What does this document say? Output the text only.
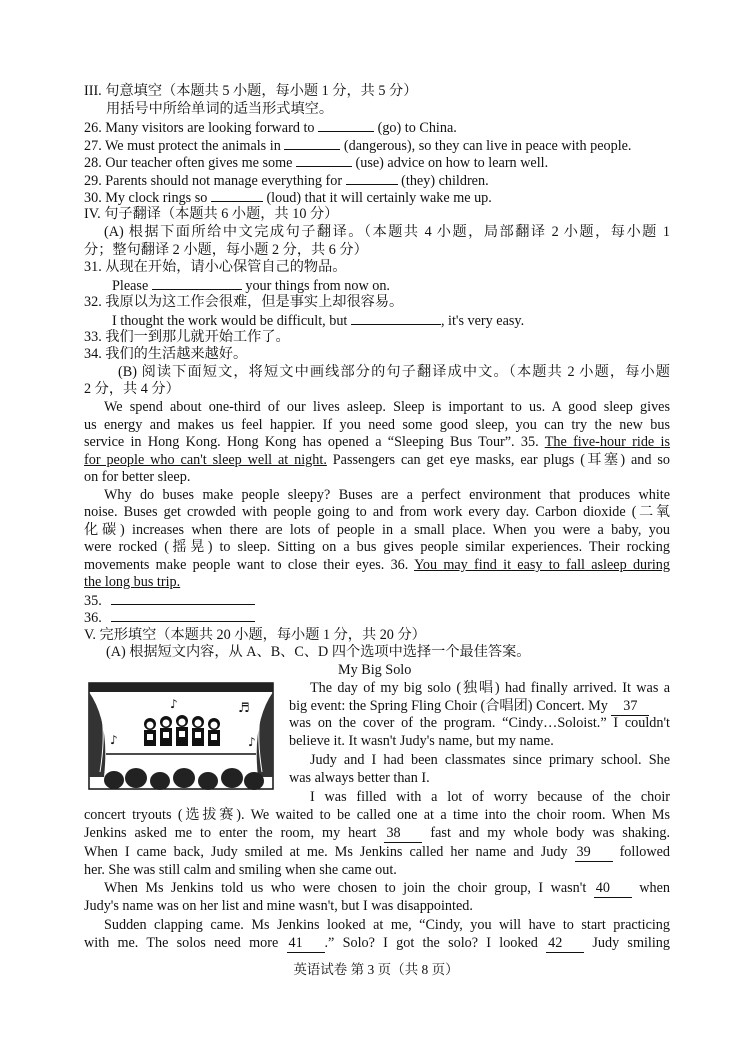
III. 句意填空（本题共 5 小题，每小题 1 分，共 5 分）
用括号中所给单词的适当形式填空。
26. Many visitors are looking forward to	(go) to China.
27. We must protect the animals in	(dangerous), so they can live in peace with people.
28. Our teacher often gives me some	(use) advice on how to learn well.
29. Parents should not manage everything for	(they) children.
30. My clock rings so	(loud) that it will certainly wake me up.
IV. 句子翻译（本题共 6 小题，共 10 分）
(A) 根据下面所给中文完成句子翻译。（本题共 4 小题，局部翻译 2 小题，每小题 1
分；整句翻译 2 小题，每小题 2 分，共 6 分）
31. 从现在开始，请小心保管自己的物品。
Please	your things from now on.
32. 我原以为这工作会很难，但是事实上却很容易。
I thought the work would be difficult, but	, it's very easy.
33. 我们一到那儿就开始工作了。
34. 我们的生活越来越好。
(B) 阅读下面短文，将短文中画线部分的句子翻译成中文。（本题共 2 小题，每小题
2 分，共 4 分）
We spend about one-third of our lives asleep. Sleep is important to us. A good sleep gives
us energy and makes us feel happier. If you need some good sleep, you can try the new bus
service in Hong Kong. Hong Kong has opened a “Sleeping Bus Tour”. 35. The five-hour ride is
for people who can't sleep well at night. Passengers can get eye masks, ear plugs (耳塞) and so
on for better sleep.
Why do buses make people sleepy? Buses are a perfect environment that produces white
noise. Buses get crowded with people going to and from work every day. Carbon dioxide (二氧
化碳) increases when there are lots of people in a small place. When you were a baby, you
were rocked (摇晃) to sleep. Sitting on a bus gives people similar experiences. Their rocking
movements make people want to close their eyes. 36. You may find it easy to fall asleep during
the long bus trip.
35.
36.
V. 完形填空（本题共 20 小题，每小题 1 分，共 20 分）
(A) 根据短文内容，从 A、B、C、D 四个选项中选择一个最佳答案。
My Big Solo
♪	♬
♪	♪
The day of my big solo (独唱) had finally arrived. It was a
big event: the Spring Fling Choir (合唱团) Concert. My 37
was on the cover of the program. “Cindy…Soloist.” I couldn't
believe it. It wasn't Judy's name, but my name.
Judy and I had been classmates since primary school. She
was always better than I.
I was filled with a lot of worry because of the choir
concert tryouts (选拔赛). We waited to be called one at a time into the choir room. When Ms
Jenkins asked me to enter the room, my heart 38 fast and my whole body was shaking.
When I came back, Judy smiled at me. Ms Jenkins called her name and Judy 39 followed
her. She was still calm and smiling when she came out.
When Ms Jenkins told us who were chosen to join the choir group, I wasn't 40 when
Judy's name was on her list and mine wasn't, but I was disappointed.
Sudden clapping came. Ms Jenkins looked at me, “Cindy, you will have to start practicing
with me. The solos need more 41 .” Solo? I got the solo? I looked 42 Judy smiling
英语试卷 第 3 页（共 8 页）
